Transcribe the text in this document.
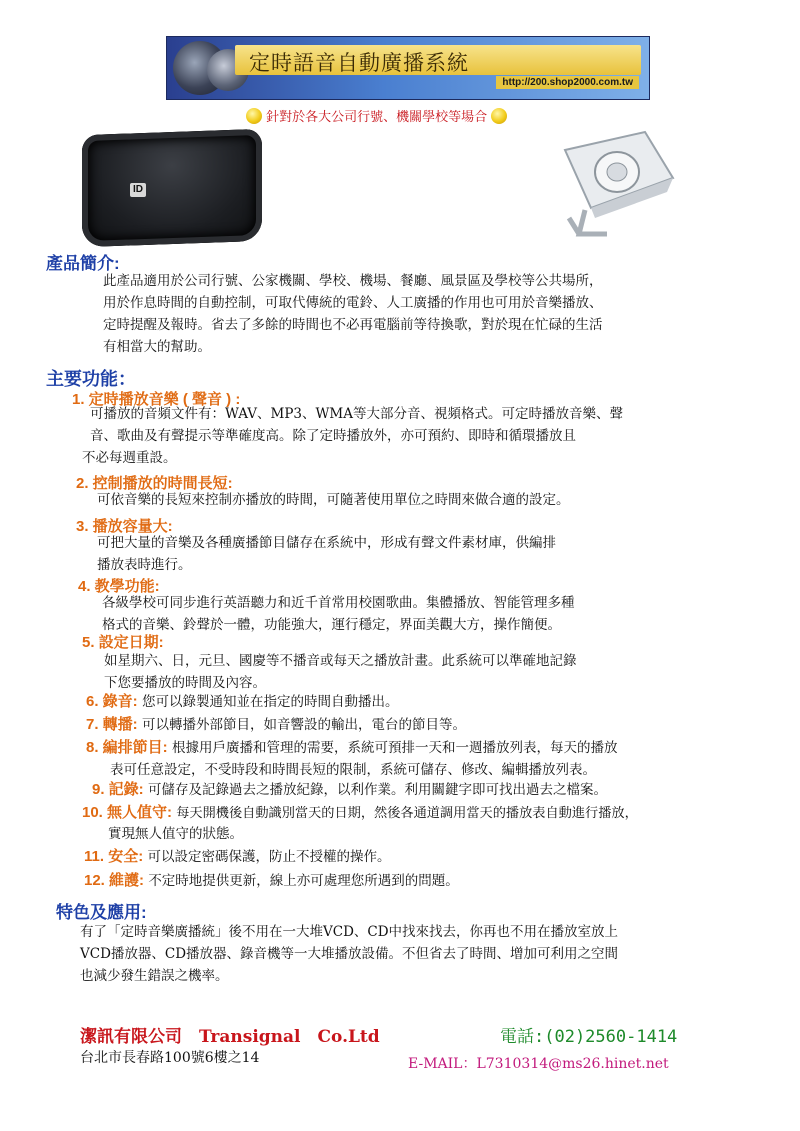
定時語音自動廣播系統
http://200.shop2000.com.tw
針對於各大公司行號、機關學校等場合
ID
產品簡介:
此產品適用於公司行號、公家機關、學校、機場、餐廳、風景區及學校等公共場所，
用於作息時間的自動控制，可取代傳統的電鈴、人工廣播的作用也可用於音樂播放、
定時提醒及報時。省去了多餘的時間也不必再電腦前等待換歌，對於現在忙碌的生活
有相當大的幫助。
主要功能：
1. 定時播放音樂 ( 聲音 ) :
可播放的音頻文件有：WAV、MP3、WMA等大部分音、視頻格式。可定時播放音樂、聲
音、歌曲及有聲提示等準確度高。除了定時播放外，亦可預約、即時和循環播放且
不必每週重設。
2. 控制播放的時間長短:
可依音樂的長短來控制亦播放的時間，可隨著使用單位之時間來做合適的設定。
3. 播放容量大:
可把大量的音樂及各種廣播節目儲存在系統中，形成有聲文件素材庫，供編排
播放表時進行。
4. 教學功能:
各級學校可同步進行英語聽力和近千首常用校園歌曲。集體播放、智能管理多種
格式的音樂、鈴聲於一體，功能強大，運行穩定，界面美觀大方，操作簡便。
5. 設定日期:
如星期六、日，元旦、國慶等不播音或每天之播放計畫。此系統可以準確地記錄
下您要播放的時間及內容。
6. 錄音: 您可以錄製通知並在指定的時間自動播出。
7. 轉播: 可以轉播外部節目，如音響設的輸出，電台的節目等。
8. 編排節目: 根據用戶廣播和管理的需要，系統可預排一天和一週播放列表，每天的播放
表可任意設定，不受時段和時間長短的限制，系統可儲存、修改、編輯播放列表。
9. 記錄: 可儲存及記錄過去之播放紀錄，以利作業。利用關鍵字即可找出過去之檔案。
10. 無人值守: 每天開機後自動識別當天的日期，然後各通道調用當天的播放表自動進行播放，
實現無人值守的狀態。
11. 安全: 可以設定密碼保護，防止不授權的操作。
12. 維護: 不定時地提供更新，線上亦可處理您所遇到的問題。
特色及應用:
有了「定時音樂廣播統」後不用在一大堆VCD、CD中找來找去，你再也不用在播放室放上
VCD播放器、CD播放器、錄音機等一大堆播放設備。不但省去了時間、增加可利用之空間
也減少發生錯誤之機率。
潔訊有限公司　Transignal　Co.Ltd	電話:(02)2560-1414
台北市長春路100號6樓之14	E-MAIL：L7310314@ms26.hinet.net
